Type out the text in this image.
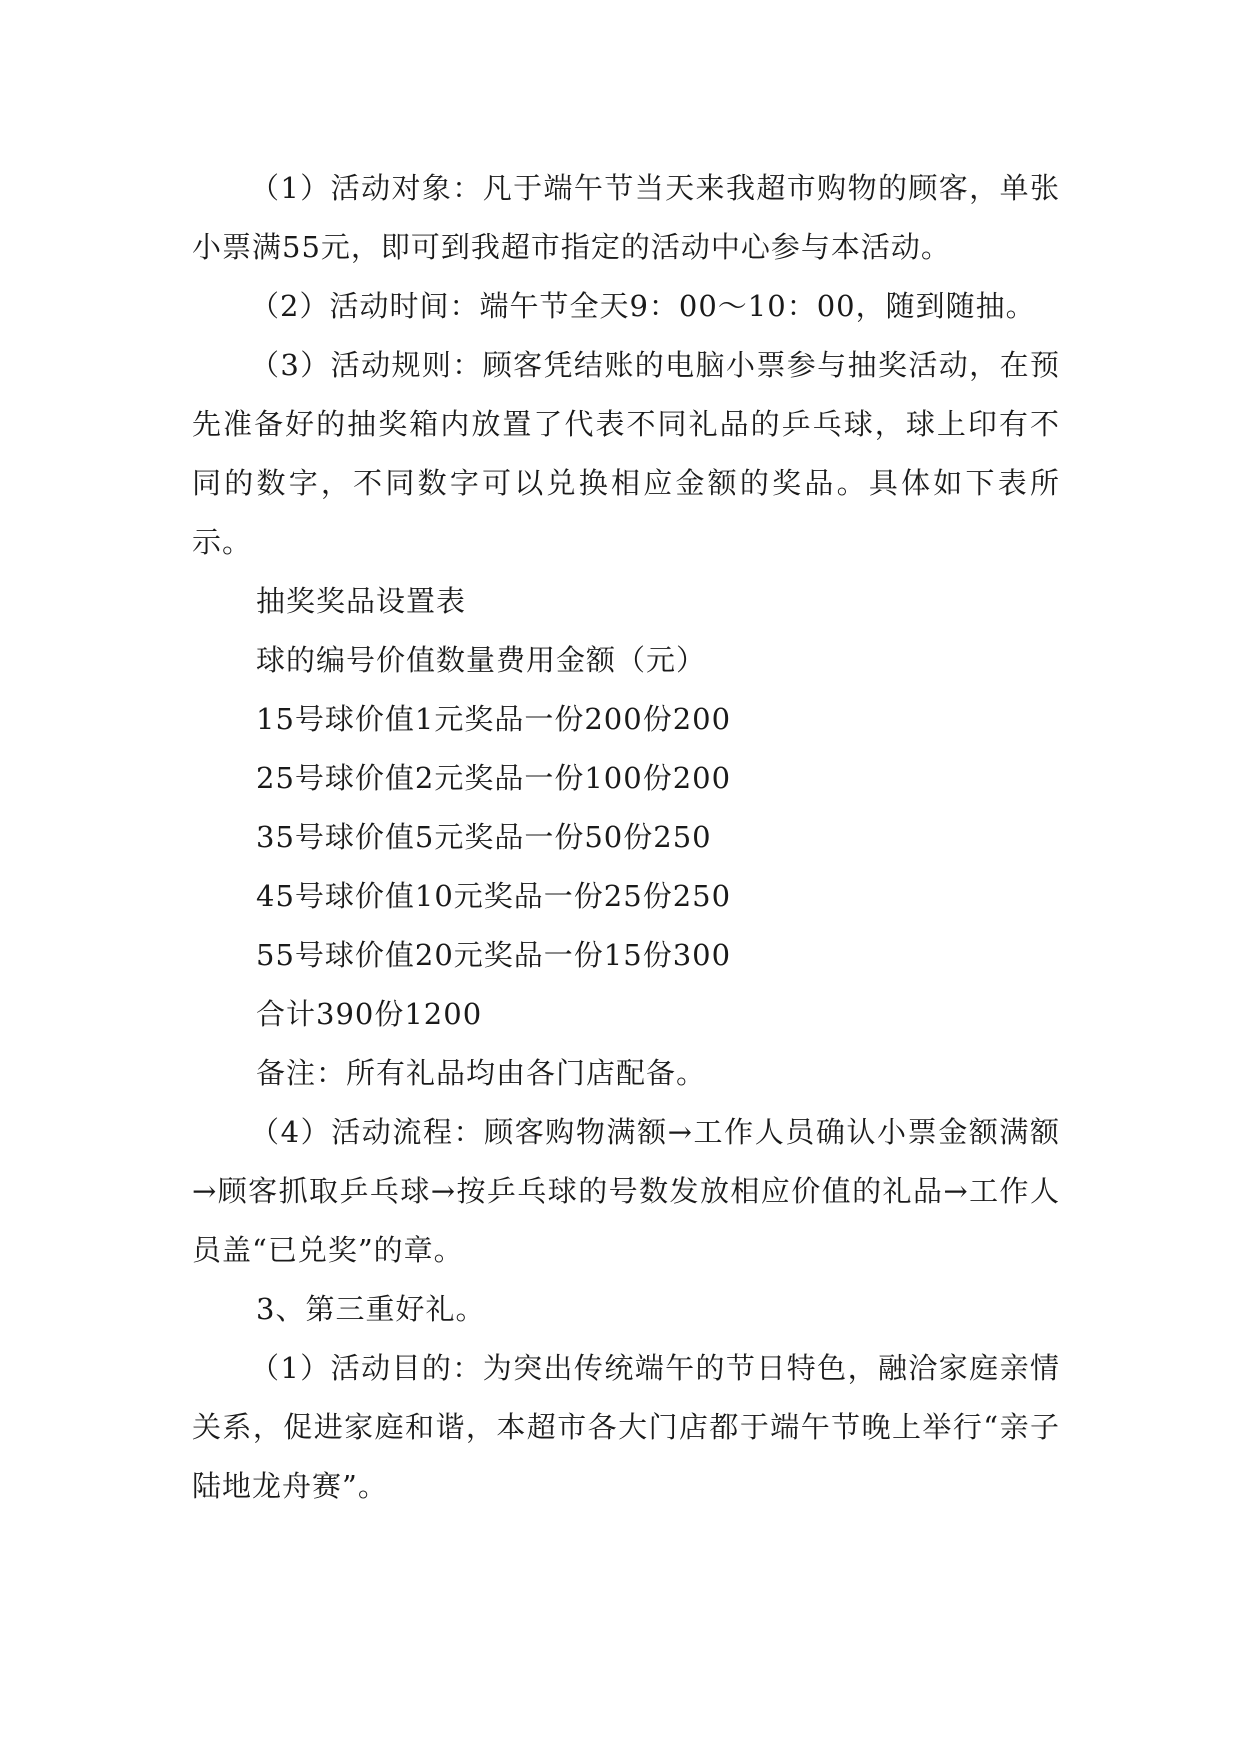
（1）活动对象：凡于端午节当天来我超市购物的顾客，单张小票满55元，即可到我超市指定的活动中心参与本活动。

（2）活动时间：端午节全天9：00～10：00，随到随抽。

（3）活动规则：顾客凭结账的电脑小票参与抽奖活动，在预先准备好的抽奖箱内放置了代表不同礼品的乒乓球，球上印有不同的数字，不同数字可以兑换相应金额的奖品。具体如下表所示。

抽奖奖品设置表

球的编号价值数量费用金额（元）

15号球价值1元奖品一份200份200

25号球价值2元奖品一份100份200

35号球价值5元奖品一份50份250

45号球价值10元奖品一份25份250

55号球价值20元奖品一份15份300

合计390份1200

备注：所有礼品均由各门店配备。

（4）活动流程：顾客购物满额→工作人员确认小票金额满额→顾客抓取乒乓球→按乒乓球的号数发放相应价值的礼品→工作人员盖“已兑奖”的章。

3、第三重好礼。

（1）活动目的：为突出传统端午的节日特色，融洽家庭亲情关系，促进家庭和谐，本超市各大门店都于端午节晚上举行“亲子陆地龙舟赛”。
